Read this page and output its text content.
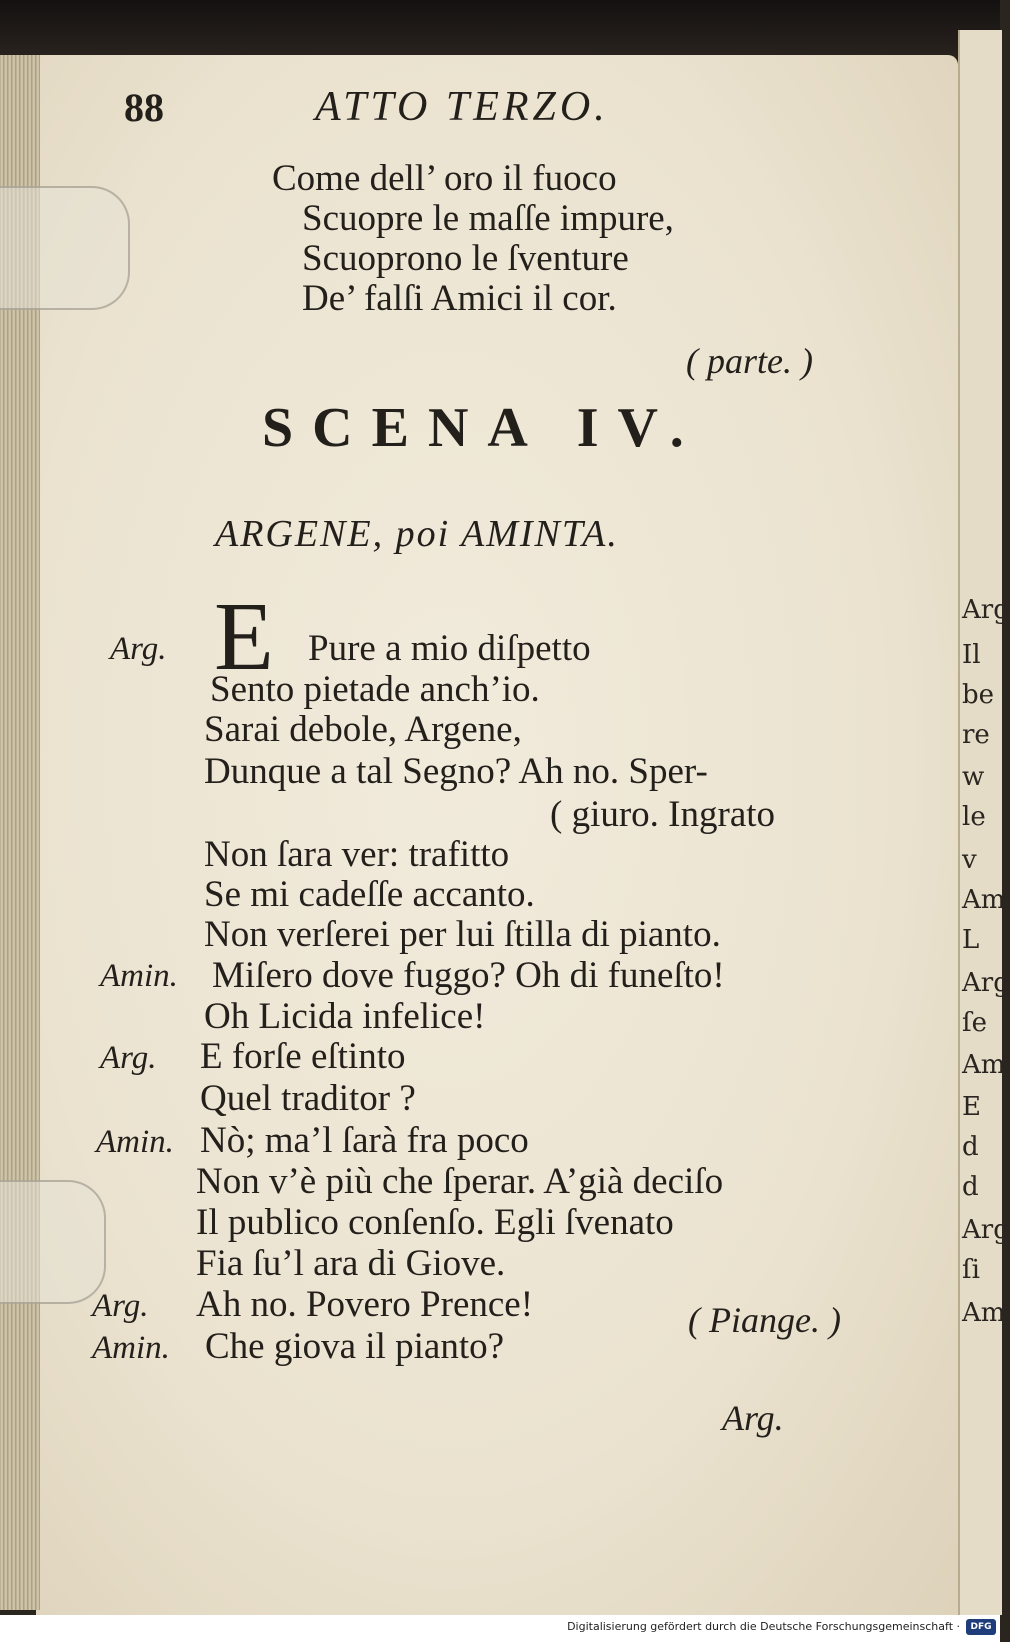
Arg
Il
be
re
w
le
v
Am
L
Arg
ſe
Am
E
d
d
Arg
ſi
Am
88	ATTO TERZO.
Come dell’ oro il fuoco
Scuopre le maſſe impure,
Scuoprono le ſventure
De’ falſi Amici il cor.
( parte. )
SCENA IV.
ARGENE, poi AMINTA.
Arg. E Pure a mio diſpetto
Sento pietade anch’io.
Sarai debole, Argene,
Dunque a tal Segno? Ah no. Sper-
( giuro. Ingrato
Non ſara ver: trafitto
Se mi cadeſſe accanto.
Non verſerei per lui ſtilla di pianto.
Amin. Miſero dove fuggo? Oh di funeſto!
Oh Licida infelice!
Arg. E forſe eſtinto
Quel traditor ?
Amin. Nò; ma’l ſarà fra poco
Non v’è più che ſperar. A’già deciſo
Il publico conſenſo. Egli ſvenato
Fia ſu’l ara di Giove.
Arg. Ah no. Povero Prence!	( Piange. )
Amin. Che giova il pianto?
Arg.
Digitalisierung gefördert durch die Deutsche Forschungsgemeinschaft ·	DFG
